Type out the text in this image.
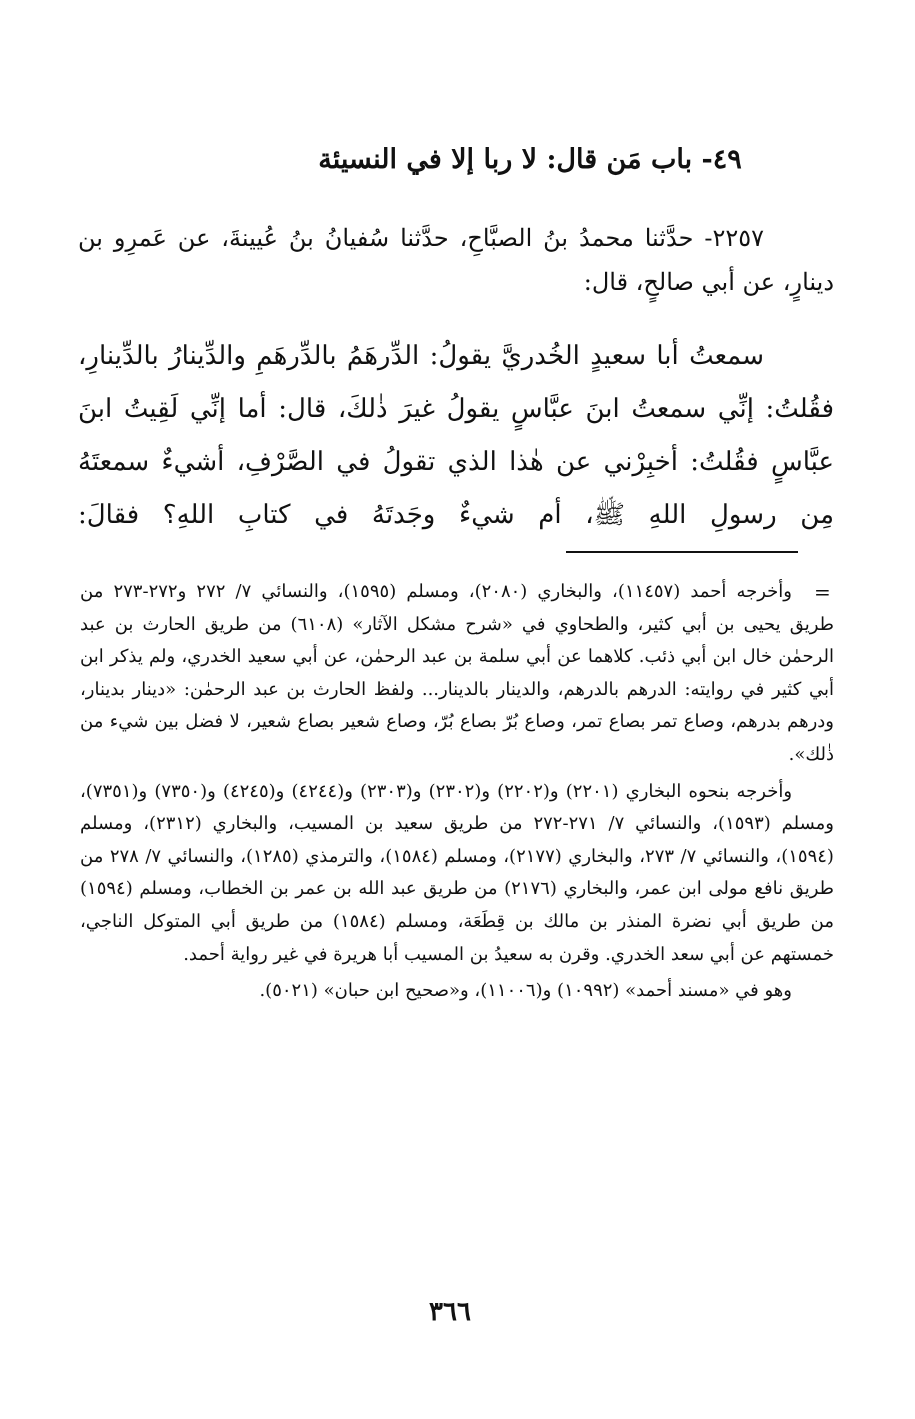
٤٩- باب مَن قال: لا ربا إلا في النسيئة
٢٢٥٧- حدَّثنا محمدُ بنُ الصبَّاحِ، حدَّثنا سُفيانُ بنُ عُيينةَ، عن عَمرِو بن دينارٍ، عن أبي صالحٍ، قال:
سمعتُ أبا سعيدٍ الخُدريَّ يقولُ: الدِّرهَمُ بالدِّرهَمِ والدِّينارُ بالدِّينارِ، فقُلتُ: إنِّي سمعتُ ابنَ عبَّاسٍ يقولُ غيرَ ذٰلكَ، قال: أما إنِّي لَقِيتُ ابنَ عبَّاسٍ فقُلتُ: أخبِرْني عن هٰذا الذي تقولُ في الصَّرْفِ، أشيءٌ سمعتَهُ مِن رسولِ اللهِ ﷺ، أم شيءٌ وجَدتَهُ في كتابِ اللهِ؟ فقالَ:
=

وأخرجه أحمد (١١٤٥٧)، والبخاري (٢٠٨٠)، ومسلم (١٥٩٥)، والنسائي ٧/ ٢٧٢ و٢٧٢-٢٧٣ من طريق يحيى بن أبي كثير، والطحاوي في «شرح مشكل الآثار» (٦١٠٨) من طريق الحارث بن عبد الرحمٰن خال ابن أبي ذئب. كلاهما عن أبي سلمة بن عبد الرحمٰن، عن أبي سعيد الخدري، ولم يذكر ابن أبي كثير في روايته: الدرهم بالدرهم، والدينار بالدينار... ولفظ الحارث بن عبد الرحمٰن: «دينار بدينار، ودرهم بدرهم، وصاع تمر بصاع تمر، وصاع بُرّ بصاع بُرّ، وصاع شعير بصاع شعير، لا فضل بين شيء من ذٰلك».

وأخرجه بنحوه البخاري (٢٢٠١) و(٢٢٠٢) و(٢٣٠٢) و(٢٣٠٣) و(٤٢٤٤) و(٤٢٤٥) و(٧٣٥٠) و(٧٣٥١)، ومسلم (١٥٩٣)، والنسائي ٧/ ٢٧١-٢٧٢ من طريق سعيد بن المسيب، والبخاري (٢٣١٢)، ومسلم (١٥٩٤)، والنسائي ٧/ ٢٧٣، والبخاري (٢١٧٧)، ومسلم (١٥٨٤)، والترمذي (١٢٨٥)، والنسائي ٧/ ٢٧٨ من طريق نافع مولى ابن عمر، والبخاري (٢١٧٦) من طريق عبد الله بن عمر بن الخطاب، ومسلم (١٥٩٤) من طريق أبي نضرة المنذر بن مالك بن قِطَعَة، ومسلم (١٥٨٤) من طريق أبي المتوكل الناجي، خمستهم عن أبي سعد الخدري. وقرن به سعيدُ بن المسيب أبا هريرة في غير رواية أحمد.

وهو في «مسند أحمد» (١٠٩٩٢) و(١١٠٠٦)، و«صحيح ابن حبان» (٥٠٢١).

٣٦٦
